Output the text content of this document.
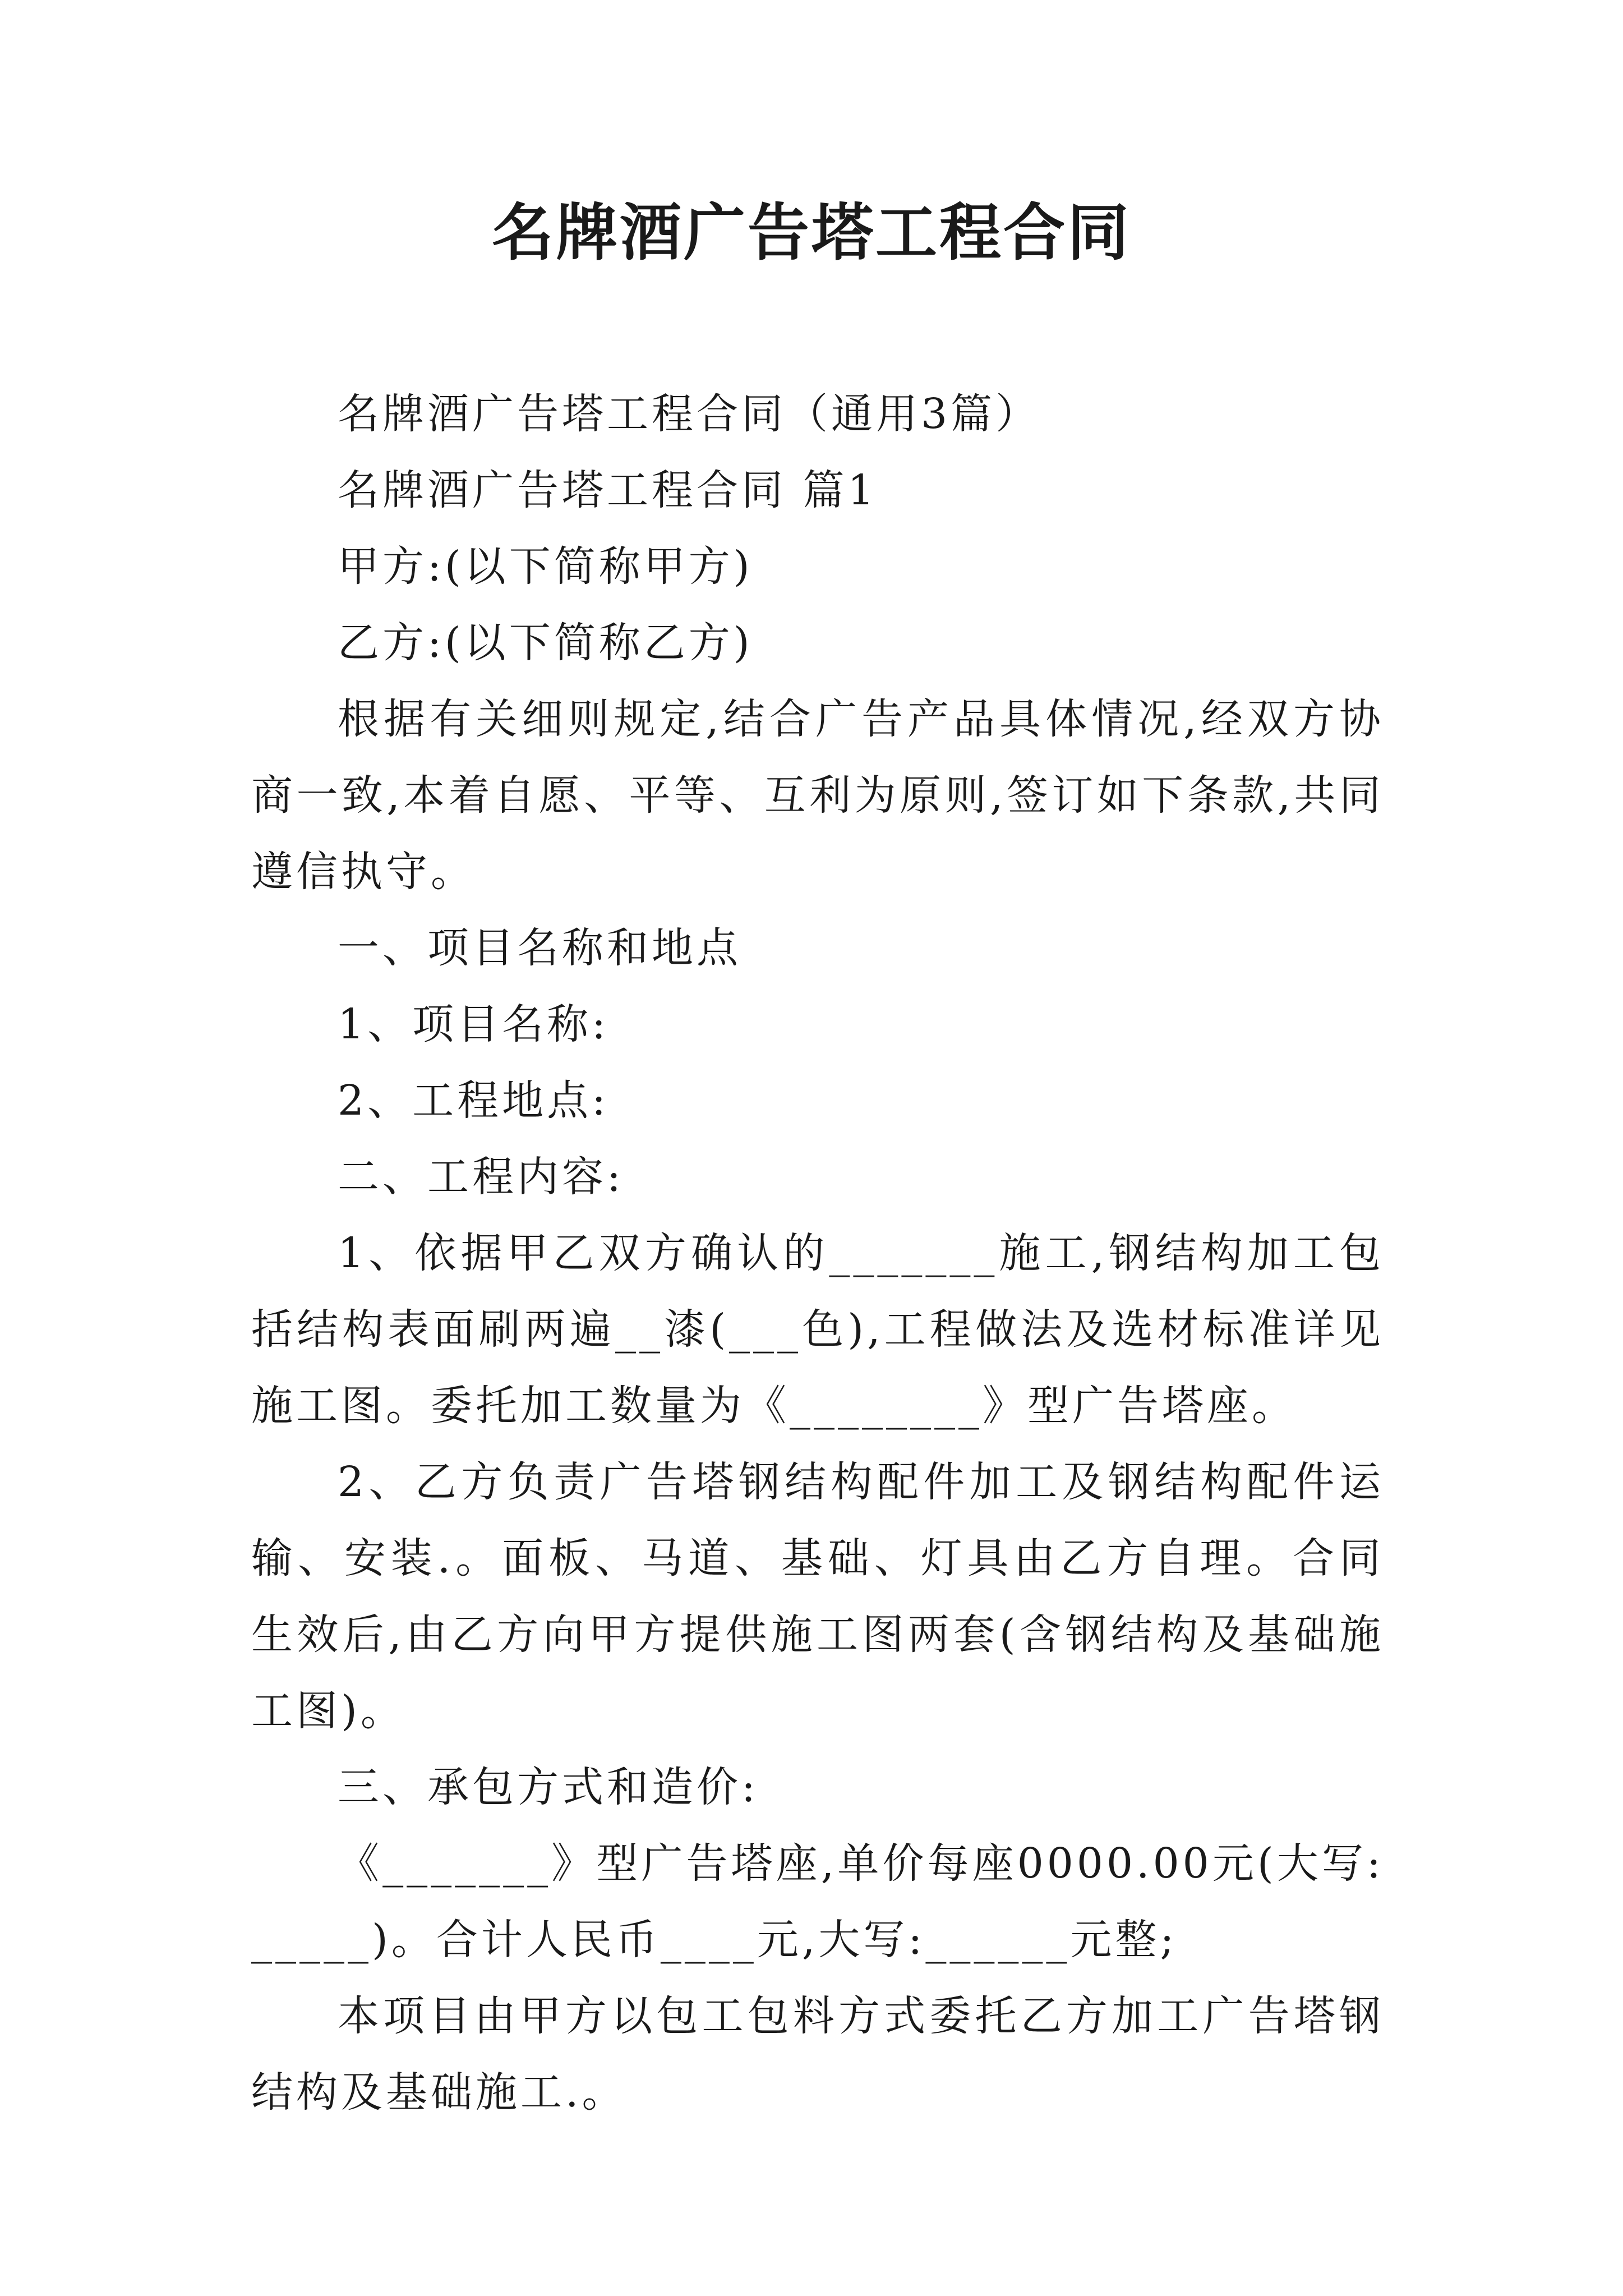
名牌酒广告塔工程合同

名牌酒广告塔工程合同（通用3篇）

名牌酒广告塔工程合同 篇1

甲方:(以下简称甲方)

乙方:(以下简称乙方)

根据有关细则规定,结合广告产品具体情况,经双方协商一致,本着自愿、平等、互利为原则,签订如下条款,共同遵信执守。

一、项目名称和地点

1、项目名称:

2、工程地点:

二、工程内容:

1、依据甲乙双方确认的_______施工,钢结构加工包括结构表面刷两遍__漆(___色),工程做法及选材标准详见施工图。委托加工数量为《________》型广告塔座。

2、乙方负责广告塔钢结构配件加工及钢结构配件运输、安装.。面板、马道、基础、灯具由乙方自理。合同生效后,由乙方向甲方提供施工图两套(含钢结构及基础施工图)。

三、承包方式和造价:

《_______》型广告塔座,单价每座0000.00元(大写:_____)。合计人民币____元,大写:______元整;

本项目由甲方以包工包料方式委托乙方加工广告塔钢结构及基础施工.。
